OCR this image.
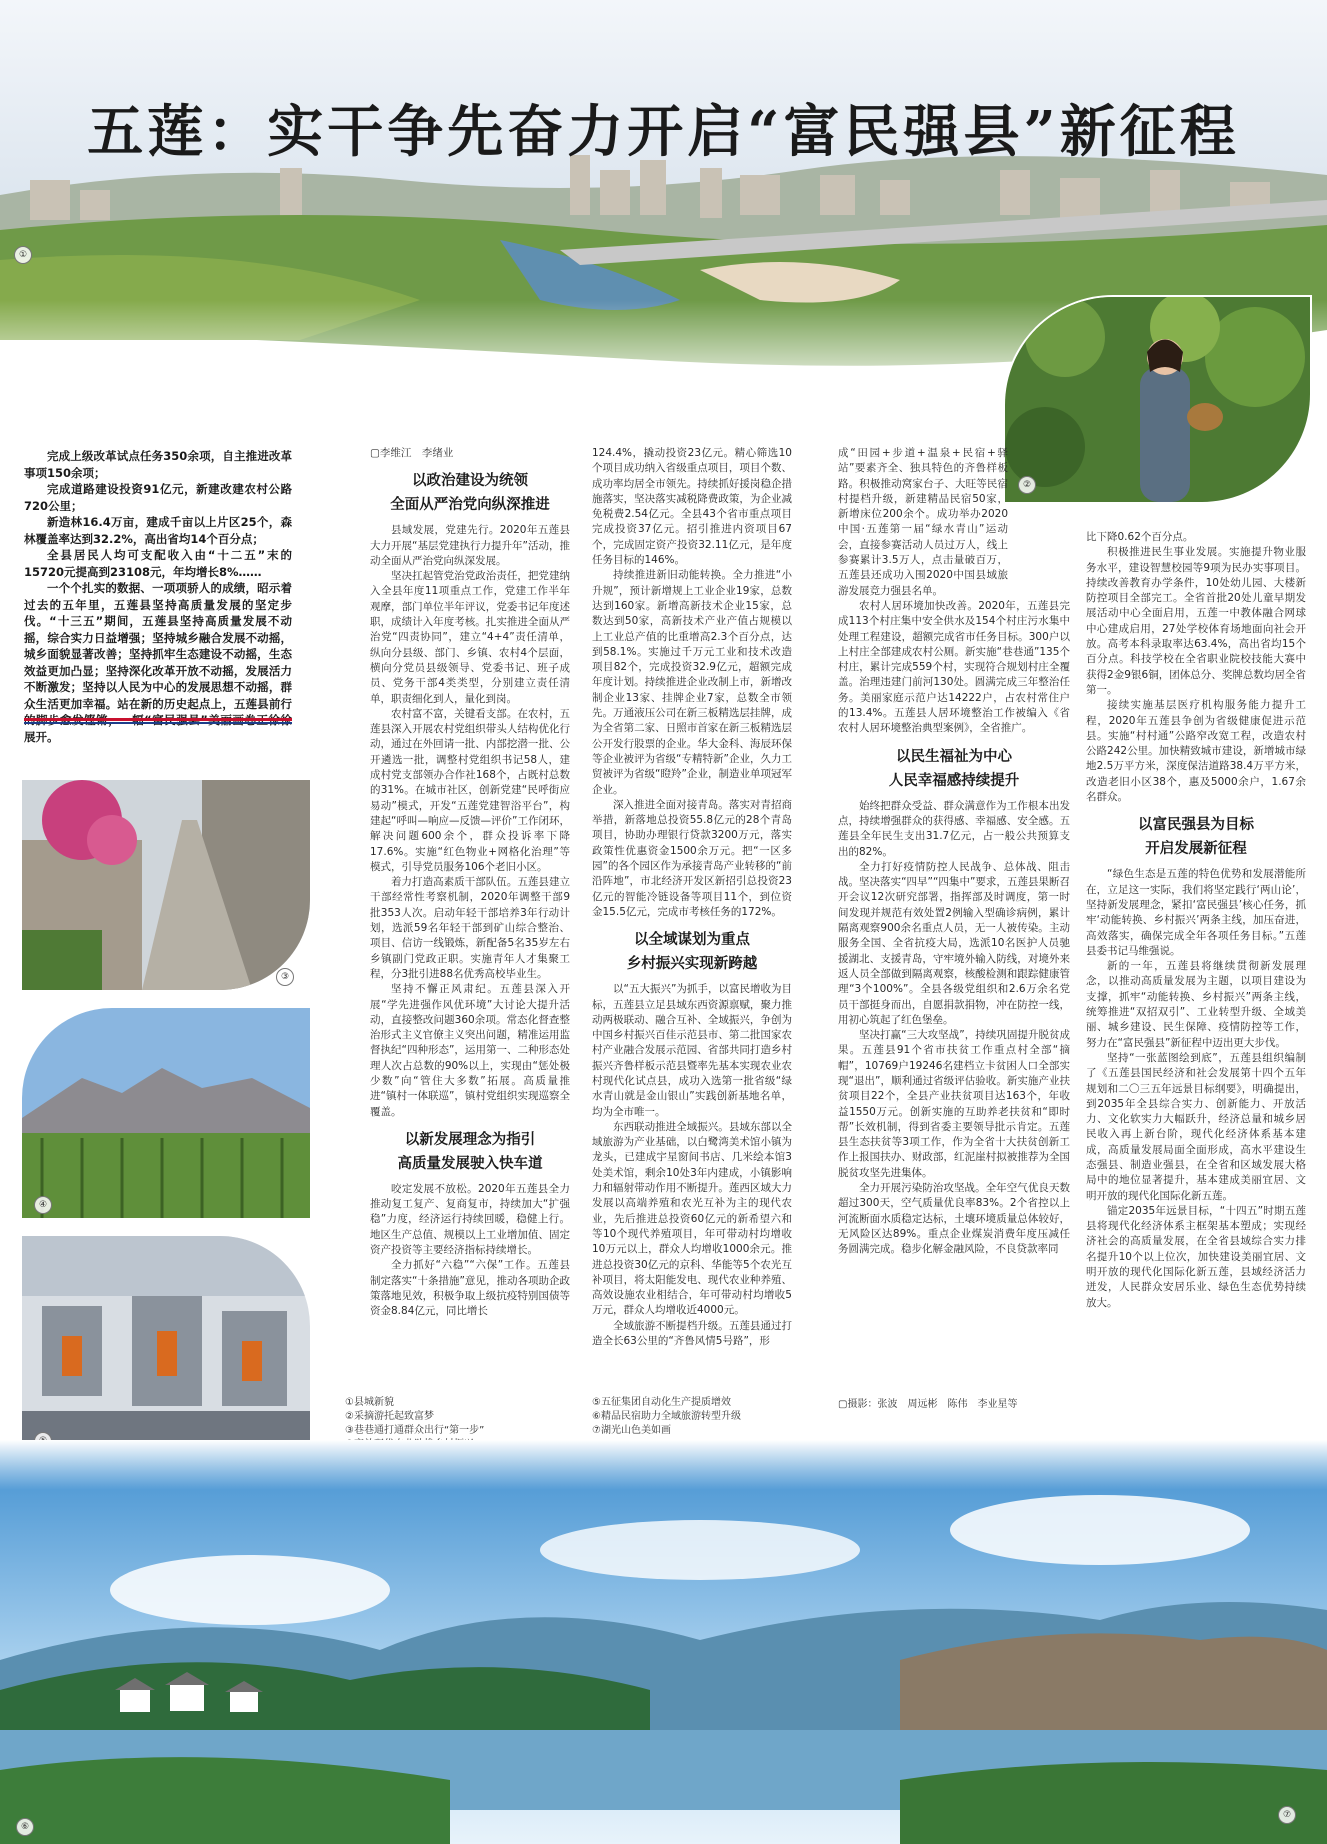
五莲：实干争先奋力开启“富民强县”新征程
①
②

完成上级改革试点任务350余项，自主推进改革事项150余项；

完成道路建设投资91亿元，新建改建农村公路720公里；

新造林16.4万亩，建成千亩以上片区25个，森林覆盖率达到32.2%，高出省均14个百分点；

全县居民人均可支配收入由“十二五”末的15720元提高到23108元，年均增长8%……

一个个扎实的数据、一项项骄人的成绩，昭示着过去的五年里，五莲县坚持高质量发展的坚定步伐。“十三五”期间，五莲县坚持高质量发展不动摇，综合实力日益增强；坚持城乡融合发展不动摇，城乡面貌显著改善；坚持抓牢生态建设不动摇，生态效益更加凸显；坚持深化改革开放不动摇，发展活力不断激发；坚持以人民为中心的发展思想不动摇，群众生活更加幸福。站在新的历史起点上，五莲县前行 展开。

③
④
▢李维江　李绪业
以政治建设为统领
全面从严治党向纵深推进

县域发展，党建先行。2020年五莲县大力开展“基层党建执行力提升年”活动，推动全面从严治党向纵深发展。

坚决扛起管党治党政治责任，把党建纳入全县年度11项重点工作，党建工作半年观摩，部门单位半年评议，党委书记年度述职，成绩计入年度考核。扎实推进全面从严治党“四责协同”，建立“4+4”责任清单，纵向分县级、部门、乡镇、农村4个层面，横向分党员县级领导、党委书记、班子成员、党务干部4类类型，分别建立责任清单，职责细化到人，量化到岗。

农村富不富，关键看支部。在农村，五莲县深入开展农村党组织带头人结构优化行动，通过在外回请一批、内部挖潜一批、公开遴选一批，调整村党组织书记58人，建成村党支部领办合作社168个，占既村总数的31%。在城市社区，创新党建“民呼街应易动”模式，开发“五莲党建智浴平台”，构建起“呼叫—响应—反馈—评价”工作闭环，解决问题600余个，群众投诉率下降17.6%。实施“红色物业+网格化治理”等模式，引导党员服务106个老旧小区。

着力打造高素质干部队伍。五莲县建立干部经常性考察机制，2020年调整干部9批353人次。启动年轻干部培养3年行动计划，选派59名年轻干部到矿山综合整治、项目、信访一线锻炼，新配备5名35岁左右乡镇副门党政正职。实施青年人才集聚工程，分3批引进88名优秀高校毕业生。

坚持不懈正风肃纪。五莲县深入开展“学先进强作风优环境”大讨论大提升活动，直接整改问题360余项。常态化督查整治形式主义官僚主义突出问题，精准运用监督执纪“四种形态”，运用第一、二种形态处理人次占总数的90%以上，实现由“惩处极少数”向“管住大多数”拓展。高质量推进“镇村一体联巡”，镇村党组织实现巡察全覆盖。

以新发展理念为指引
高质量发展驶入快车道

咬定发展不放松。2020年五莲县全力推动复工复产、复商复市，持续加大“扩强稳”力度，经济运行持续回暖，稳健上行。地区生产总值、规模以上工业增加值、固定资产投资等主要经济指标持续增长。

全力抓好“六稳”“六保”工作。五莲县制定落实“十条措施”意见，推动各项助企政策落地见效，积极争取上级抗疫特别国债等资金8.84亿元，同比增长

124.4%，撬动投资23亿元。精心筛选10个项目成功纳入省级重点项目，项目个数、成功率均居全市领先。持续抓好援岗稳企措施落实，坚决落实减税降费政策，为企业减免税费2.54亿元。全县43个省市重点项目完成投资37亿元。招引推进内资项目67个，完成固定资产投资32.11亿元，是年度任务目标的146%。

持续推进新旧动能转换。全力推进“小升规”，预计新增规上工业企业19家，总数达到160家。新增高新技术企业15家，总数达到50家，高新技术产业产值占规模以上工业总产值的比重增高2.3个百分点，达到58.1%。实施过千万元工业和技术改造项目82个，完成投资32.9亿元，超额完成年度计划。持续推进企业改制上市，新增改制企业13家、挂牌企业7家，总数全市领先。万通液压公司在新三板精选层挂牌，成为全省第二家、日照市首家在新三板精选层公开发行股票的企业。华大金科、海辰环保等企业被评为省级“专精特新”企业，久力工贸被评为省级“瞪羚”企业，制造业单项冠军企业。

深入推进全面对接青岛。落实对青招商举措，新落地总投资55.8亿元的28个青岛项目，协助办理银行贷款3200万元，落实政策性优惠资金1500余万元。把“一区多园”的各个园区作为承接青岛产业转移的“前沿阵地”，市北经济开发区新招引总投资23亿元的智能冷链设备等项目11个，到位资金15.5亿元，完成市考核任务的172%。

以全域谋划为重点
乡村振兴实现新跨越

以“五大振兴”为抓手，以富民增收为目标，五莲县立足县域东西资源禀赋，聚力推动两极联动、融合互补、全域振兴，争创为中国乡村振兴百佳示范县市、第二批国家农村产业融合发展示范园、省部共同打造乡村振兴齐鲁样板示范县暨率先基本实现农业农村现代化试点县，成功入选第一批省级“绿水青山就是金山银山”实践创新基地名单，均为全市唯一。

东西联动推进全域振兴。县域东部以全域旅游为产业基础，以白鹭湾美术馆小镇为龙头，已建成宇星窗间书店、几米绘本馆3处美术馆，剩余10处3年内建成，小镇影响力和辐射带动作用不断提升。莲西区域大力发展以高端养殖和农光互补为主的现代农业，先后推进总投资60亿元的新希望六和等10个现代养殖项目，年可带动村均增收10万元以上，群众人均增收1000余元。推进总投资30亿元的京科、华能等5个农光互补项目，将太阳能发电、现代农业种养殖、高效设施农业相结合，年可带动村均增收5万元，群众人均增收近4000元。

全域旅游不断提档升级。五莲县通过打造全长63公里的“齐鲁风情5号路”，形

成“田园+步道+温泉+民宿+驿站”要素齐全、独具特色的齐鲁样板路。积极推动窝家台子、大旺等民宿村提档升级，新建精品民宿50家，新增床位200余个。成功举办2020中国·五莲第一届“绿水青山”运动会，直接参赛活动人员过万人，线上参赛累计3.5万人，点击量破百万，五莲县还成功入围2020中国县域旅游发展竞力强县名单。

农村人居环境加快改善。2020年，五莲县完成113个村庄集中安全供水及154个村庄污水集中处理工程建设，超额完成省市任务目标。300户以上村庄全部建成农村公厕。新实施“巷巷通”135个村庄，累计完成559个村，实现符合规划村庄全覆盖。治理违建门前河130处。圆满完成三年整治任务。美丽家庭示范户达14222户，占农村常住户的13.4%。五莲县人居环境整治工作被编入《省农村人居环境整治典型案例》，全省推广。

以民生福祉为中心
人民幸福感持续提升

始终把群众受益、群众满意作为工作根本出发点，持续增强群众的获得感、幸福感、安全感。五莲县全年民生支出31.7亿元，占一般公共预算支出的82%。

全力打好疫情防控人民战争、总体战、阻击战。坚决落实“四早”“四集中”要求，五莲县果断召开会议12次研究部署，指挥部及时调度，第一时间发现并规范有效处置2例输入型确诊病例，累计隔离观察900余名重点人员，无一人被传染。主动服务全国、全省抗疫大局，选派10名医护人员驰援湖北、支援青岛，守牢境外输入防线，对境外来返人员全部做到隔离观察，核酸检测和跟踪健康管理“3个100%”。全县各级党组织和2.6万余名党员干部挺身而出，自愿捐款捐物，冲在防控一线，用初心筑起了红色堡垒。

坚决打赢“三大攻坚战”，持续巩固提升脱贫成果。五莲县91个省市扶贫工作重点村全部“摘帽”，10769户19246名建档立卡贫困人口全部实现“退出”，顺利通过省级评估验收。新实施产业扶贫项目22个，全县产业扶贫项目达163个，年收益1550万元。创新实施的互助养老扶贫和“即时帮”长效机制，得到省委主要领导批示肯定。五莲县生态扶贫等3项工作，作为全省十大扶贫创新工作上报国扶办、财政部，红泥崖村拟被推荐为全国脱贫攻坚先进集体。

全力开展污染防治攻坚战。全年空气优良天数超过300天，空气质量优良率83%。2个省控以上河流断面水质稳定达标，土壤环境质量总体较好，无风险区达89%。重点企业煤炭消费年度压减任务圆满完成。稳步化解金融风险，不良贷款率同

比下降0.62个百分点。

积极推进民生事业发展。实施提升物业服务水平，建设智慧校园等9项为民办实事项目。持续改善教育办学条件，10处幼儿园、大楼新防控项目全部完工。全省首批20处儿童早期发展活动中心全面启用，五莲一中教体融合网球中心建成启用，27处学校体育场地面向社会开放。高考本科录取率达63.4%，高出省均15个百分点。科技学校在全省职业院校技能大赛中获得2金9银6铜，团体总分、奖牌总数均居全省第一。

接续实施基层医疗机构服务能力提升工程，2020年五莲县争创为省级健康促进示范县。实施“村村通”公路窄改宽工程，改造农村公路242公里。加快精致城市建设，新增城市绿地2.5万平方米，深度保洁道路38.4万平方米，改造老旧小区38个，惠及5000余户，1.67余名群众。

以富民强县为目标
开启发展新征程

“绿色生态是五莲的特色优势和发展潜能所在，立足这一实际，我们将坚定践行‘两山论’，坚持新发展理念，紧扣‘富民强县’核心任务，抓牢‘动能转换、乡村振兴’两条主线，加压奋进，高效落实，确保完成全年各项任务目标。”五莲县委书记马维强说。

新的一年，五莲县将继续贯彻新发展理念，以推动高质量发展为主题，以项目建设为支撑，抓牢“动能转换、乡村振兴”两条主线，统筹推进“双招双引”、工业转型升级、全域美丽、城乡建设、民生保障、疫情防控等工作，努力在“富民强县”新征程中迈出更大步伐。

坚持“一张蓝图绘到底”，五莲县组织编制了《五莲县国民经济和社会发展第十四个五年规划和二〇三五年远景目标纲要》，明确提出，到2035年全县综合实力、创新能力、开放活力、文化软实力大幅跃升，经济总量和城乡居民收入再上新台阶，现代化经济体系基本建成，高质量发展局面全面形成，高水平建设生态强县、制造业强县，在全省和区域发展大格局中的地位显著提升，基本建成美丽宜居、文明开放的现代化国际化新五莲。

锚定2035年远景目标，“十四五”时期五莲县将现代化经济体系主框架基本塑成；实现经济社会的高质量发展，在全省县域综合实力排名提升10个以上位次，加快建设美丽宜居、文明开放的现代化国际化新五莲，县域经济活力迸发，人民群众安居乐业、绿色生态优势持续放大。

①县城新貌
②采摘游托起致富梦
③巷巷通打通群众出行“第一步”
⑤五征集团自动化生产提质增效
⑥精品民宿助力全域旅游转型升级
⑦湖光山色美如画
▢摄影：张波　周远彬　陈伟　李业星等
⑥
⑦
